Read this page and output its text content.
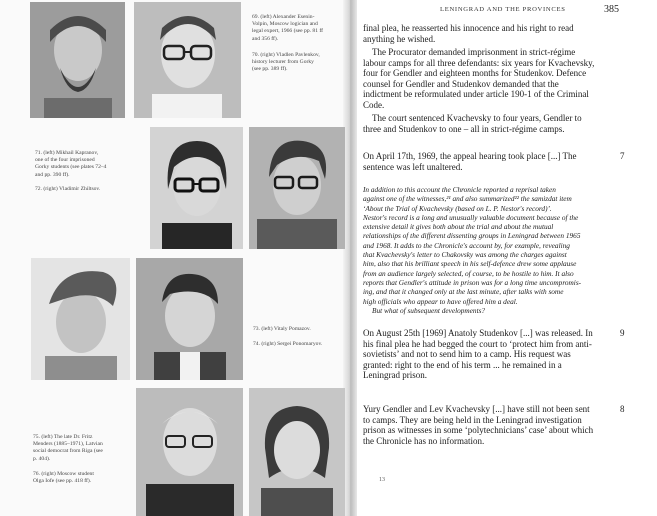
69. (left) Alexander Esenin-
Volpin, Moscow logician and
legal expert, 1966 (see pp. 81 ff
and 356 ff).
70. (right) Vladlen Pavlenkov,
history lecturer from Gorky
(see pp. 389 ff).
71. (left) Mikhail Kapranov,
one of the four imprisoned
Gorky students (see plates 72–4
and pp. 390 ff).
72. (right) Vladimir Zhiltsov.
73. (left) Vitaly Pomazov.
74. (right) Sergei Ponomaryov.
75. (left) The late Dr. Fritz
Menders (1885–1971), Latvian
social democrat from Riga (see
p. 404).
76. (right) Moscow student
Olga Iofe (see pp. 418 ff).
LENINGRAD AND THE PROVINCES	385
final plea, he reasserted his innocence and his right to read
anything he wished.
The Procurator demanded imprisonment in strict-régime
labour camps for all three defendants: six years for Kvachevsky,
four for Gendler and eighteen months for Studenkov. Defence
counsel for Gendler and Studenkov demanded that the
indictment be reformulated under article 190-1 of the Criminal
Code.
The court sentenced Kvachevsky to four years, Gendler to
three and Studenkov to one – all in strict-régime camps.
On April 17th, 1969, the appeal hearing took place [...] The
sentence was left unaltered.
In addition to this account the Chronicle reported a reprisal taken
against one of the witnesses,²¹ and also summarized²² the samizdat item
‘About the Trial of Kvachevsky (based on L. P. Nestor's record)’.
Nestor's record is a long and unusually valuable document because of the
extensive detail it gives both about the trial and about the mutual
relationships of the different dissenting groups in Leningrad between 1965
and 1968. It adds to the Chronicle's account by, for example, revealing
that Kvachevsky's letter to Chakovsky was among the charges against
him, also that his brilliant speech in his self-defence drew some applause
from an audience largely selected, of course, to be hostile to him. It also
reports that Gendler's attitude in prison was for a long time uncompromis-
ing, and that it changed only at the last minute, after talks with some
high officials who appear to have offered him a deal.
But what of subsequent developments?
On August 25th [1969] Anatoly Studenkov [...] was released. In
his final plea he had begged the court to ‘protect him from anti-
sovietists’ and not to send him to a camp. His request was
granted: right to the end of his term ... he remained in a
Leningrad prison.
Yury Gendler and Lev Kvachevsky [...] have still not been sent
to camps. They are being held in the Leningrad investigation
prison as witnesses in some ‘polytechnicians’ case’ about which
the Chronicle has no information.
7
9
8
13
